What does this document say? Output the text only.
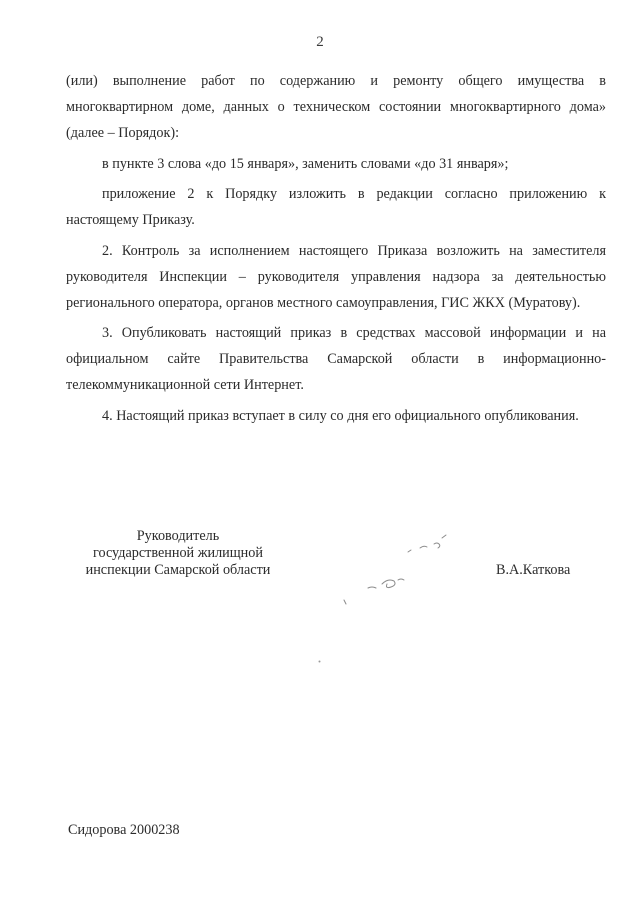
2

(или) выполнение работ по содержанию и ремонту общего имущества в многоквартирном доме, данных о техническом состоянии многоквартирного дома» (далее – Порядок):

в пункте 3 слова «до 15 января», заменить словами «до 31 января»;

приложение 2 к Порядку изложить в редакции согласно приложению к настоящему Приказу.

2. Контроль за исполнением настоящего Приказа возложить на заместителя руководителя Инспекции – руководителя управления надзора за деятельностью регионального оператора, органов местного самоуправления, ГИС ЖКХ (Муратову).

3. Опубликовать настоящий приказ в средствах массовой информации и на официальном сайте Правительства Самарской области в информационно-телекоммуникационной сети Интернет.

4. Настоящий приказ вступает в силу со дня его официального опубликования.

Руководитель
государственной жилищной
инспекции Самарской области	В.А.Каткова
Сидорова 2000238
